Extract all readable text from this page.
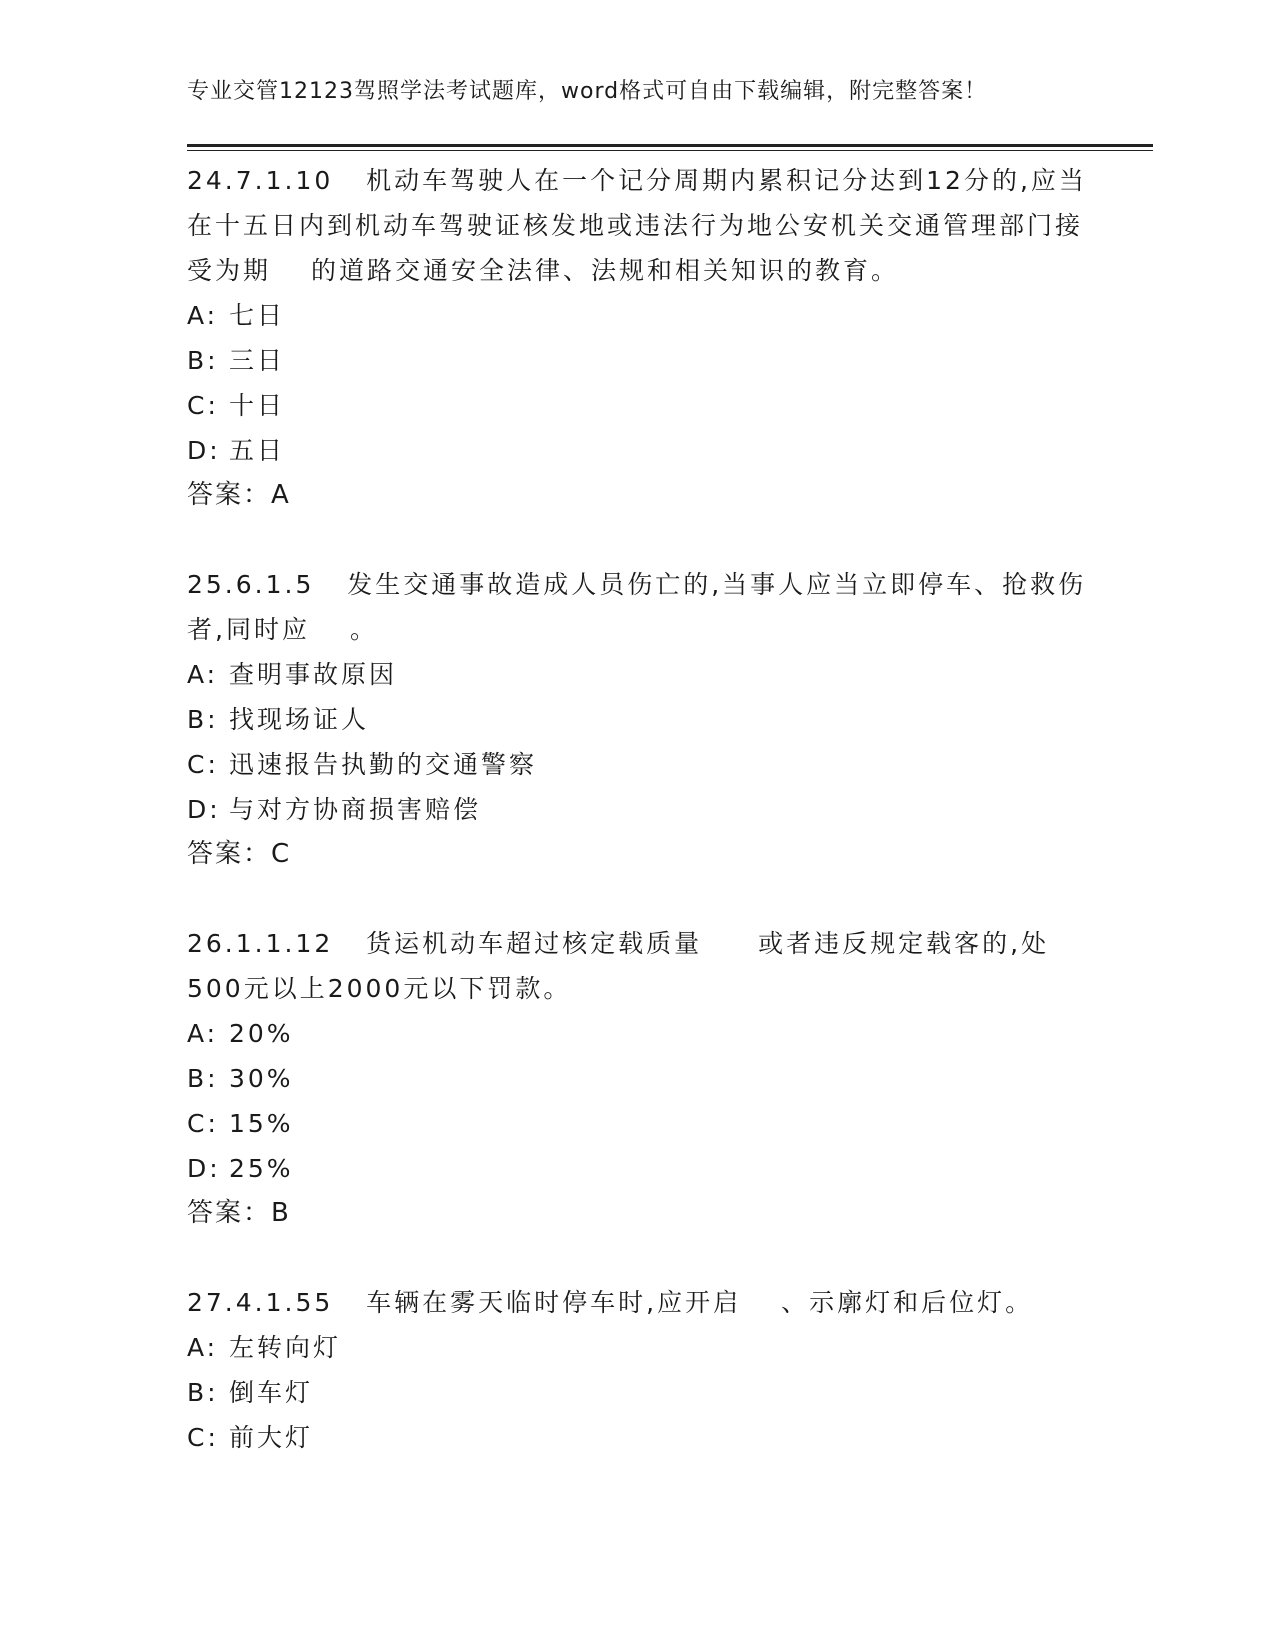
专业交管12123驾照学法考试题库，word格式可自由下载编辑，附完整答案！

24.7.1.10 机动车驾驶人在一个记分周期内累积记分达到12分的,应当在十五日内到机动车驾驶证核发地或违法行为地公安机关交通管理部门接受为期 的道路交通安全法律、法规和相关知识的教育。

A: 七日
B: 三日
C: 十日
D: 五日
答案：A

25.6.1.5 发生交通事故造成人员伤亡的,当事人应当立即停车、抢救伤者,同时应 。

A: 查明事故原因
B: 找现场证人
C: 迅速报告执勤的交通警察
D: 与对方协商损害赔偿
答案：C

26.1.1.12 货运机动车超过核定载质量 或者违反规定载客的,处500元以上2000元以下罚款。

A: 20%
B: 30%
C: 15%
D: 25%
答案：B

27.4.1.55 车辆在雾天临时停车时,应开启 、示廓灯和后位灯。

A: 左转向灯
B: 倒车灯
C: 前大灯
